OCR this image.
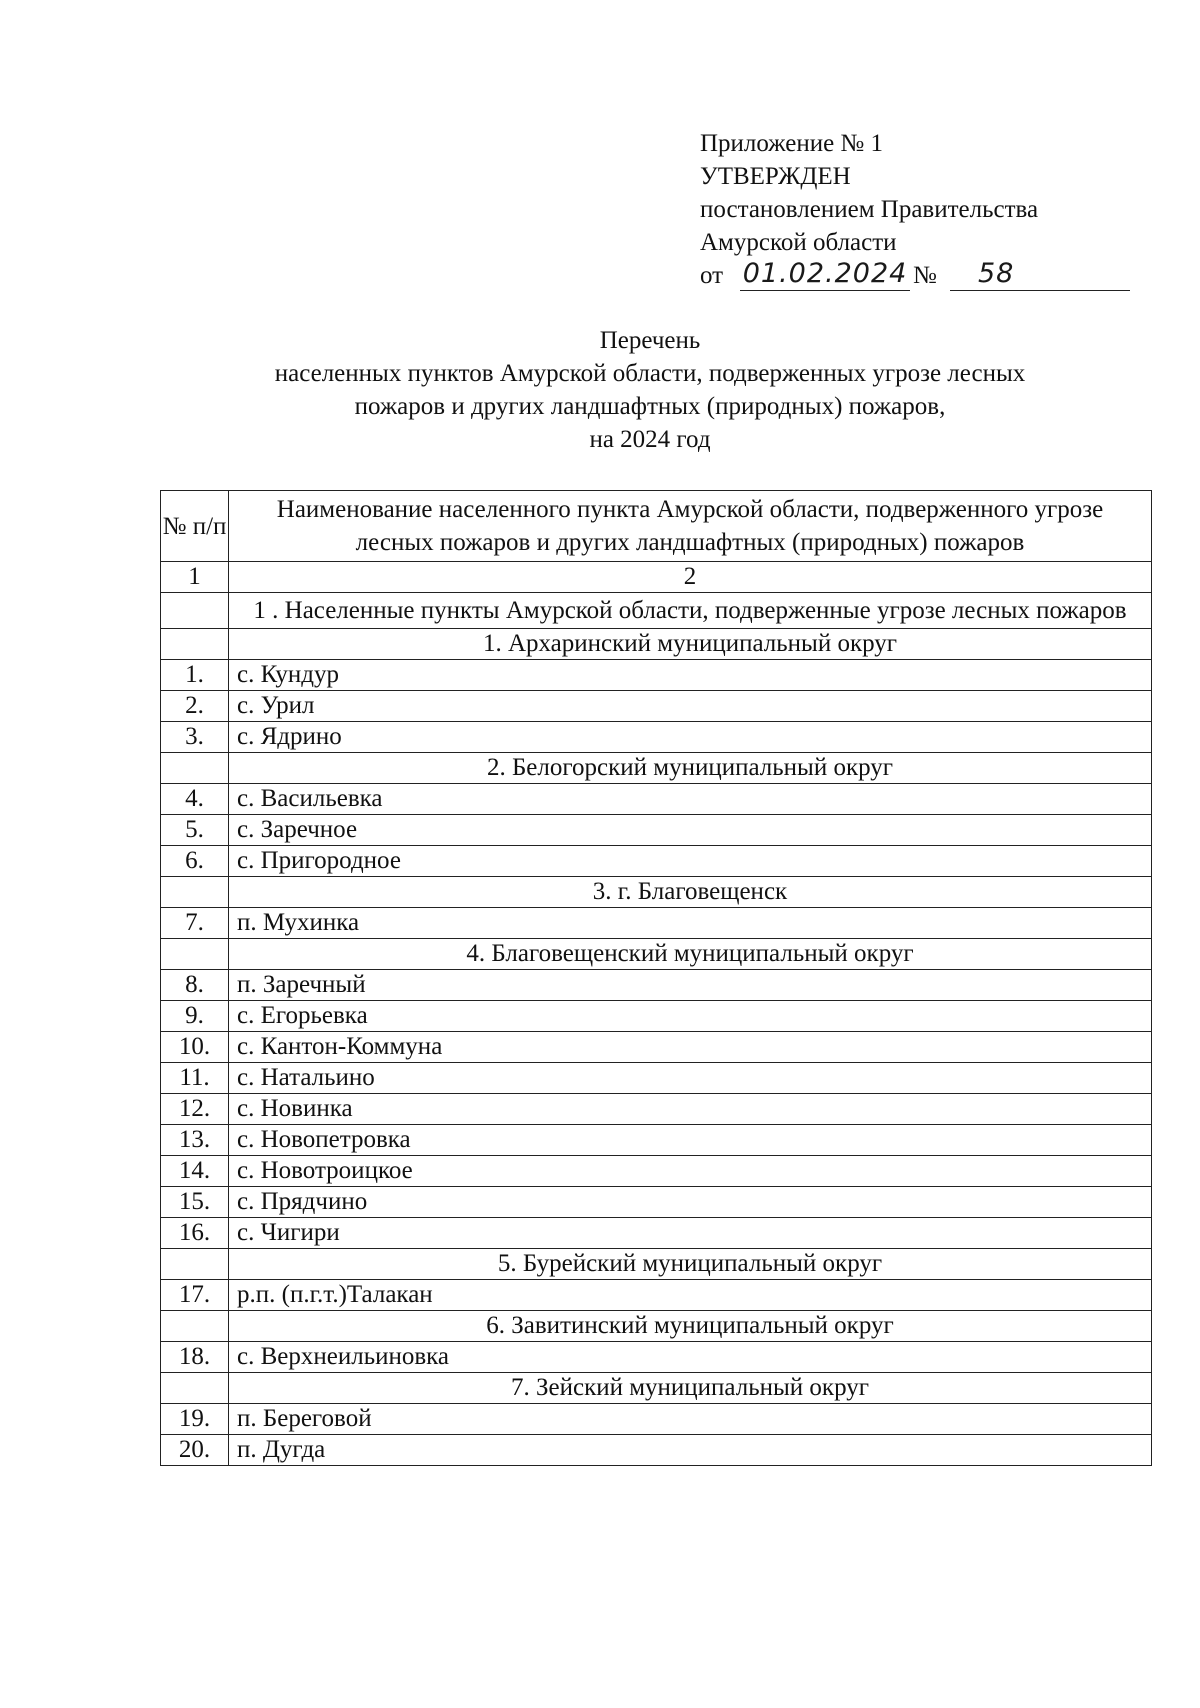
Приложение № 1
УТВЕРЖДЕН
постановлением Правительства
Амурской области
от 01.02.2024 №	58
Перечень
населенных пунктов Амурской области, подверженных угрозе лесных
пожаров и других ландшафтных (природных) пожаров,
на 2024 год
№ п/п	Наименование населенного пункта Амурской области, подверженного угрозе лесных пожаров и других ландшафтных (природных) пожаров
1	2
	1 . Населенные пункты Амурской области, подверженные угрозе лесных пожаров
	1. Архаринский муниципальный округ
1.	с. Кундур
2.	с. Урил
3.	с. Ядрино
	2. Белогорский муниципальный округ
4.	с. Васильевка
5.	с. Заречное
6.	с. Пригородное
	3. г. Благовещенск
7.	п. Мухинка
	4. Благовещенский муниципальный округ
8.	п. Заречный
9.	с. Егорьевка
10.	с. Кантон-Коммуна
11.	с. Натальино
12.	с. Новинка
13.	с. Новопетровка
14.	с. Новотроицкое
15.	с. Прядчино
16.	с. Чигири
	5. Бурейский муниципальный округ
17.	р.п. (п.г.т.)Талакан
	6. Завитинский муниципальный округ
18.	с. Верхнеильиновка
	7. Зейский муниципальный округ
19.	п. Береговой
20.	п. Дугда
